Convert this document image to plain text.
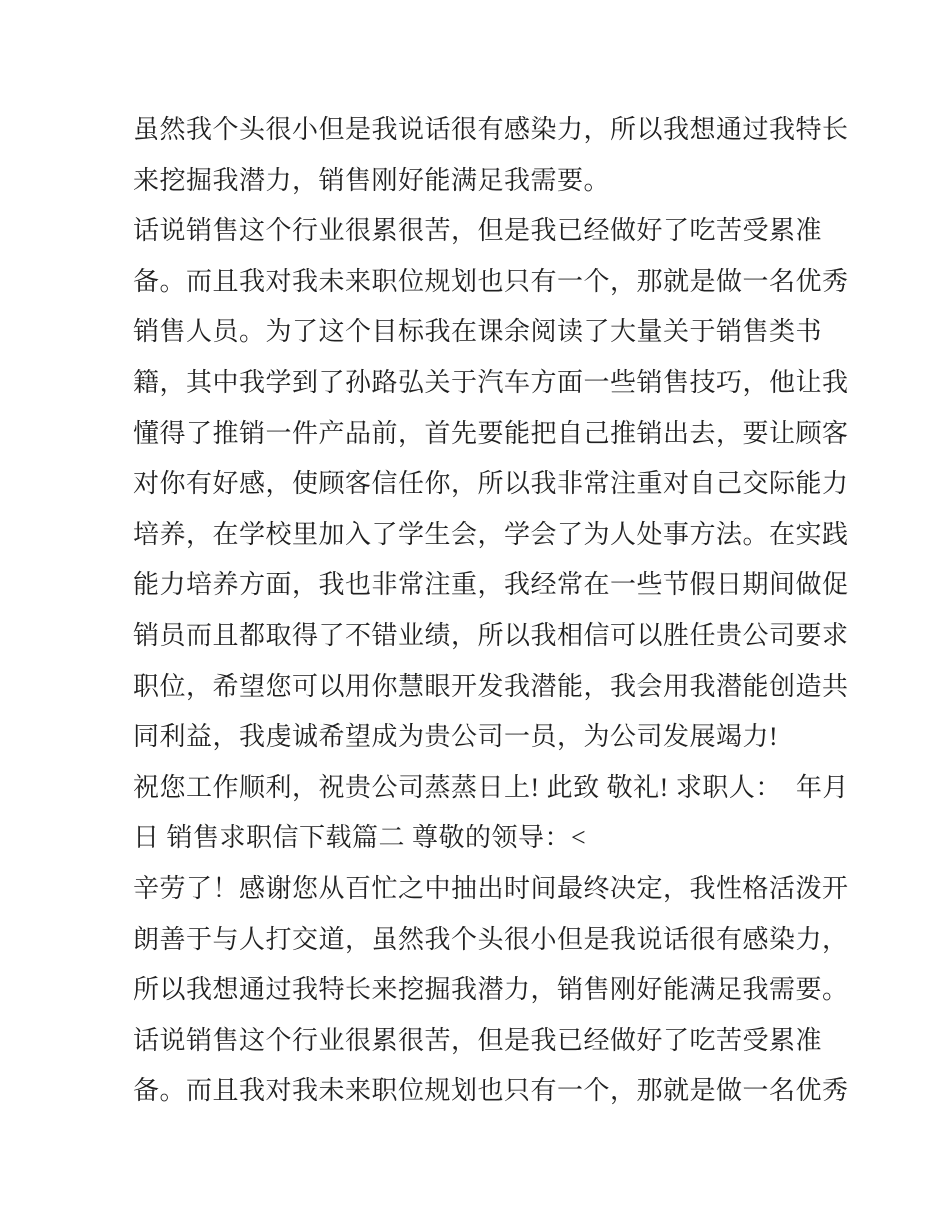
虽然我个头很小但是我说话很有感染力，所以我想通过我特长
来挖掘我潜力，销售刚好能满足我需要。
话说销售这个行业很累很苦，但是我已经做好了吃苦受累准
备。而且我对我未来职位规划也只有一个，那就是做一名优秀
销售人员。为了这个目标我在课余阅读了大量关于销售类书
籍，其中我学到了孙路弘关于汽车方面一些销售技巧，他让我
懂得了推销一件产品前，首先要能把自己推销出去，要让顾客
对你有好感，使顾客信任你，所以我非常注重对自己交际能力
培养，在学校里加入了学生会，学会了为人处事方法。在实践
能力培养方面，我也非常注重，我经常在一些节假日期间做促
销员而且都取得了不错业绩，所以我相信可以胜任贵公司要求
职位，希望您可以用你慧眼开发我潜能，我会用我潜能创造共
同利益，我虔诚希望成为贵公司一员，为公司发展竭力!
祝您工作顺利，祝贵公司蒸蒸日上! 此致 敬礼! 求职人：  年月
日 销售求职信下载篇二 尊敬的领导：<
辛劳了！感谢您从百忙之中抽出时间最终决定，我性格活泼开
朗善于与人打交道，虽然我个头很小但是我说话很有感染力，
所以我想通过我特长来挖掘我潜力，销售刚好能满足我需要。
话说销售这个行业很累很苦，但是我已经做好了吃苦受累准
备。而且我对我未来职位规划也只有一个，那就是做一名优秀
